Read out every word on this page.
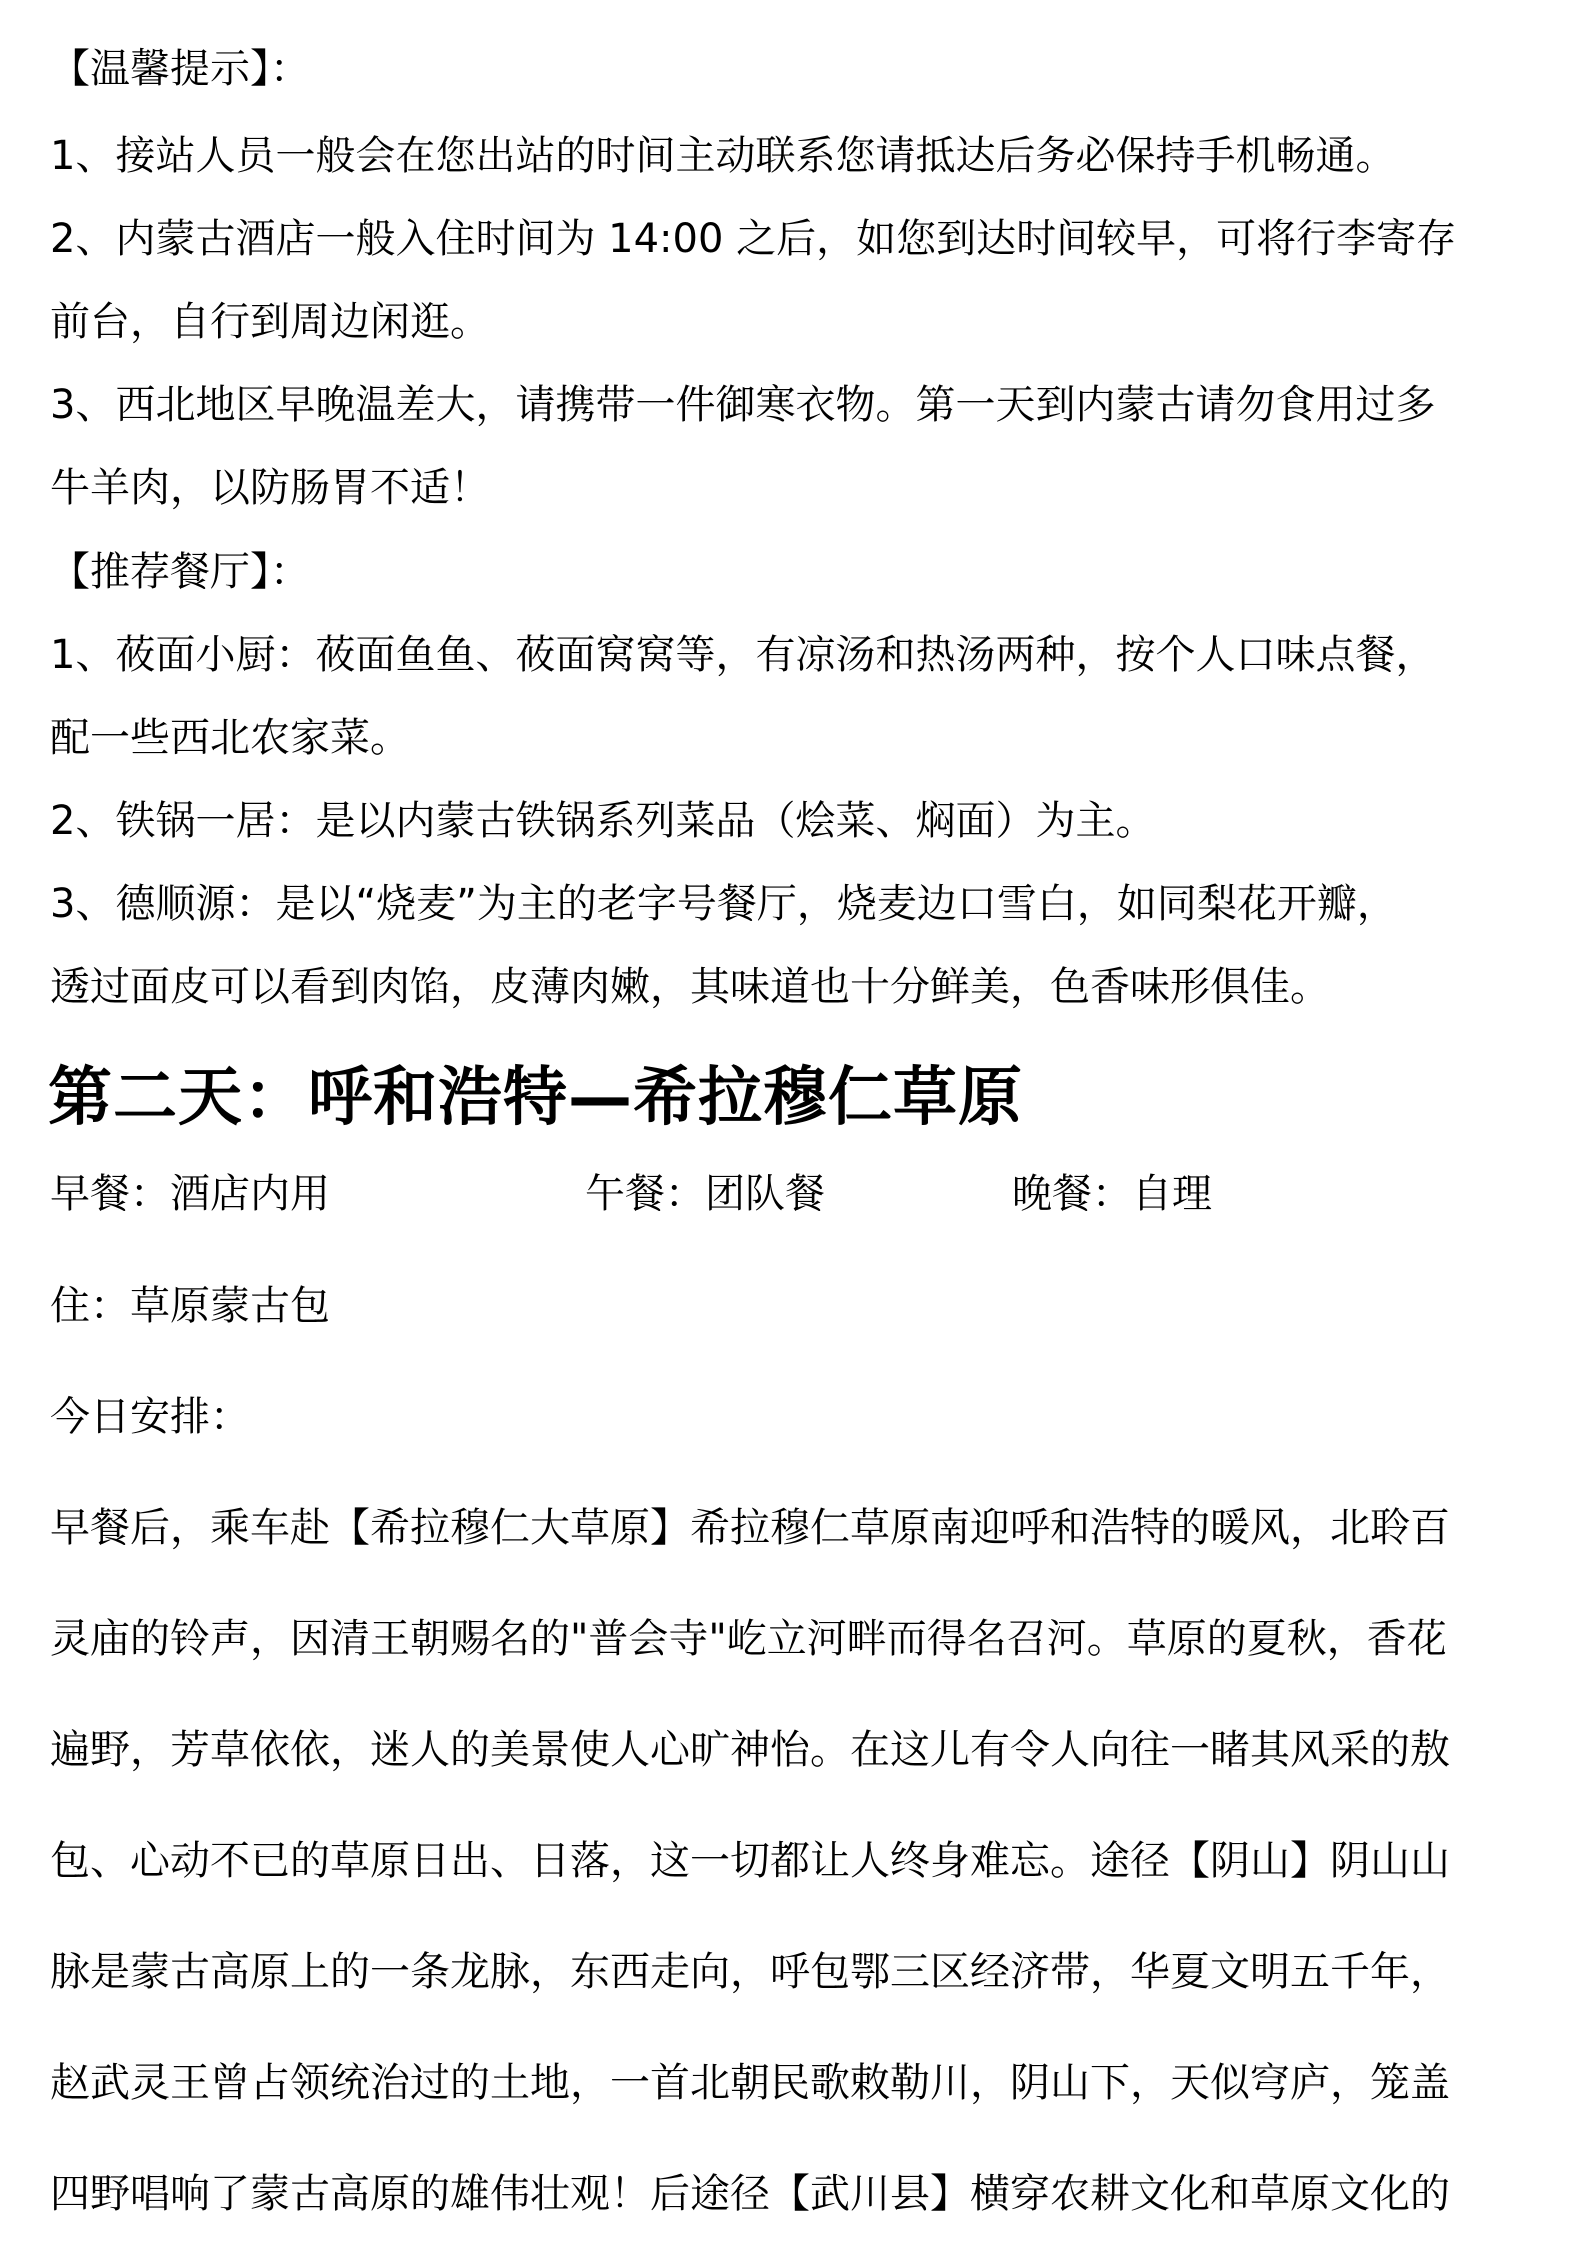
【温馨提示】：
1、接站人员一般会在您出站的时间主动联系您请抵达后务必保持手机畅通。
2、内蒙古酒店一般入住时间为 14:00 之后，如您到达时间较早，可将行李寄存
前台，自行到周边闲逛。
3、西北地区早晚温差大，请携带一件御寒衣物。第一天到内蒙古请勿食用过多
牛羊肉，以防肠胃不适！
【推荐餐厅】：
1、莜面小厨：莜面鱼鱼、莜面窝窝等，有凉汤和热汤两种，按个人口味点餐，
配一些西北农家菜。
2、铁锅一居：是以内蒙古铁锅系列菜品（烩菜、焖面）为主。
3、德顺源：是以“烧麦”为主的老字号餐厅，烧麦边口雪白，如同梨花开瓣，
透过面皮可以看到肉馅，皮薄肉嫩，其味道也十分鲜美，色香味形俱佳。
第二天：呼和浩特—希拉穆仁草原
早餐：酒店内用	午餐：团队餐	晚餐：自理
住：草原蒙古包
今日安排：
早餐后，乘车赴【希拉穆仁大草原】希拉穆仁草原南迎呼和浩特的暖风，北聆百
灵庙的铃声，因清王朝赐名的"普会寺"屹立河畔而得名召河。草原的夏秋，香花
遍野，芳草依依，迷人的美景使人心旷神怡。在这儿有令人向往一睹其风采的敖
包、心动不已的草原日出、日落，这一切都让人终身难忘。途径【阴山】阴山山
脉是蒙古高原上的一条龙脉，东西走向，呼包鄂三区经济带，华夏文明五千年，
赵武灵王曾占领统治过的土地，一首北朝民歌敕勒川，阴山下，天似穹庐，笼盖
四野唱响了蒙古高原的雄伟壮观！后途径【武川县】横穿农耕文化和草原文化的
